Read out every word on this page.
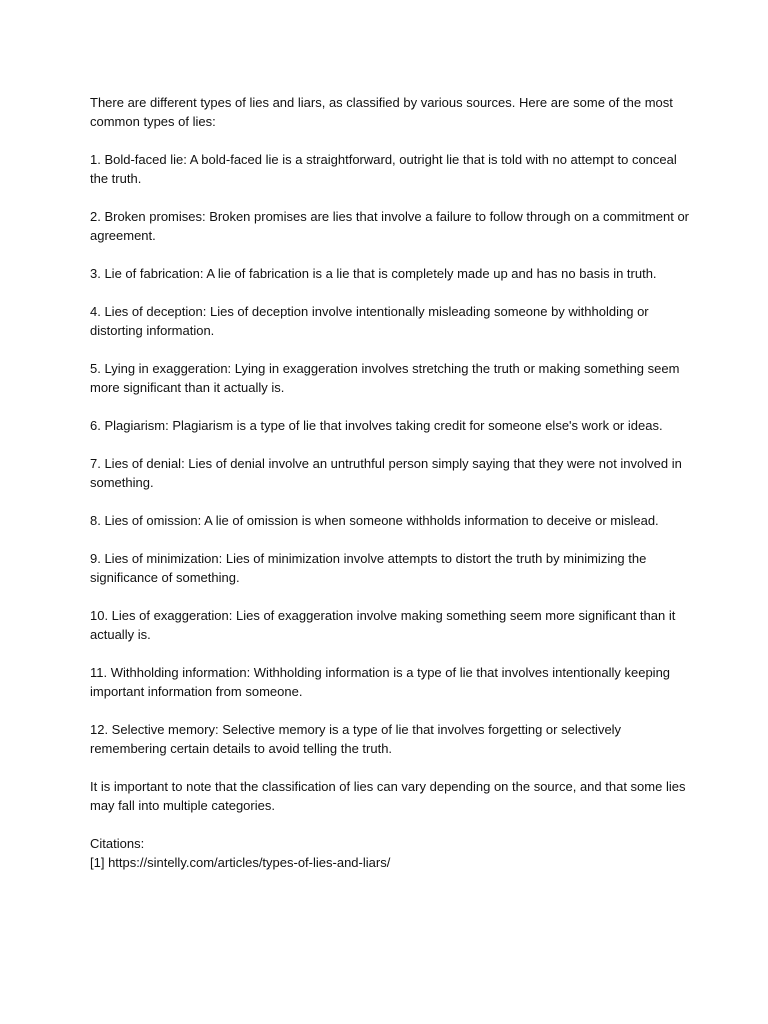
There are different types of lies and liars, as classified by various sources. Here are some of the most common types of lies:

1. Bold-faced lie: A bold-faced lie is a straightforward, outright lie that is told with no attempt to conceal the truth.

2. Broken promises: Broken promises are lies that involve a failure to follow through on a commitment or agreement.

3. Lie of fabrication: A lie of fabrication is a lie that is completely made up and has no basis in truth.

4. Lies of deception: Lies of deception involve intentionally misleading someone by withholding or distorting information.

5. Lying in exaggeration: Lying in exaggeration involves stretching the truth or making something seem more significant than it actually is.

6. Plagiarism: Plagiarism is a type of lie that involves taking credit for someone else's work or ideas.

7. Lies of denial: Lies of denial involve an untruthful person simply saying that they were not involved in something.

8. Lies of omission: A lie of omission is when someone withholds information to deceive or mislead.

9. Lies of minimization: Lies of minimization involve attempts to distort the truth by minimizing the significance of something.

10. Lies of exaggeration: Lies of exaggeration involve making something seem more significant than it actually is.

11. Withholding information: Withholding information is a type of lie that involves intentionally keeping important information from someone.

12. Selective memory: Selective memory is a type of lie that involves forgetting or selectively remembering certain details to avoid telling the truth.

It is important to note that the classification of lies can vary depending on the source, and that some lies may fall into multiple categories.

Citations:

[1] https://sintelly.com/articles/types-of-lies-and-liars/
